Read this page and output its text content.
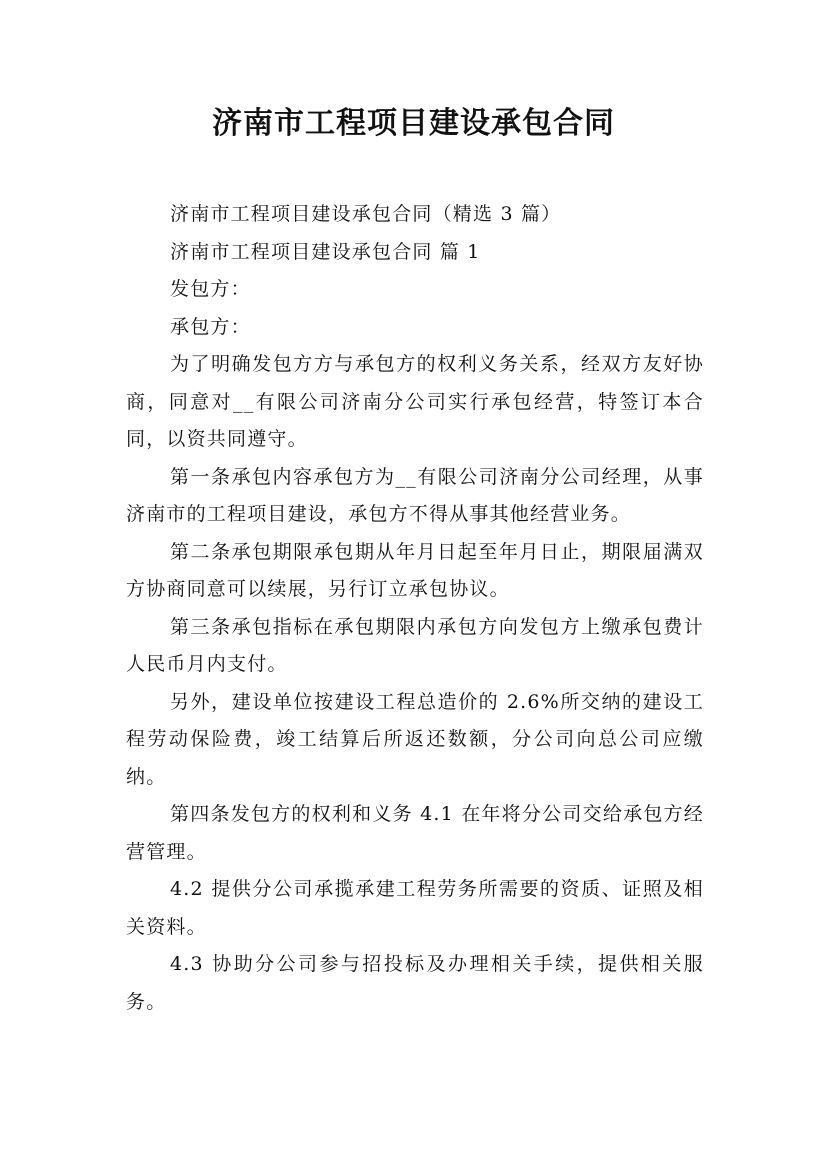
济南市工程项目建设承包合同

济南市工程项目建设承包合同（精选 3 篇）

济南市工程项目建设承包合同 篇 1

发包方：

承包方：

为了明确发包方方与承包方的权利义务关系，经双方友好协商，同意对__有限公司济南分公司实行承包经营，特签订本合同，以资共同遵守。

第一条承包内容承包方为__有限公司济南分公司经理，从事济南市的工程项目建设，承包方不得从事其他经营业务。

第二条承包期限承包期从年月日起至年月日止，期限届满双方协商同意可以续展，另行订立承包协议。

第三条承包指标在承包期限内承包方向发包方上缴承包费计人民币月内支付。

另外，建设单位按建设工程总造价的 2.6%所交纳的建设工程劳动保险费，竣工结算后所返还数额，分公司向总公司应缴纳。

第四条发包方的权利和义务 4.1 在年将分公司交给承包方经营管理。

4.2 提供分公司承揽承建工程劳务所需要的资质、证照及相关资料。

4.3 协助分公司参与招投标及办理相关手续，提供相关服务。
